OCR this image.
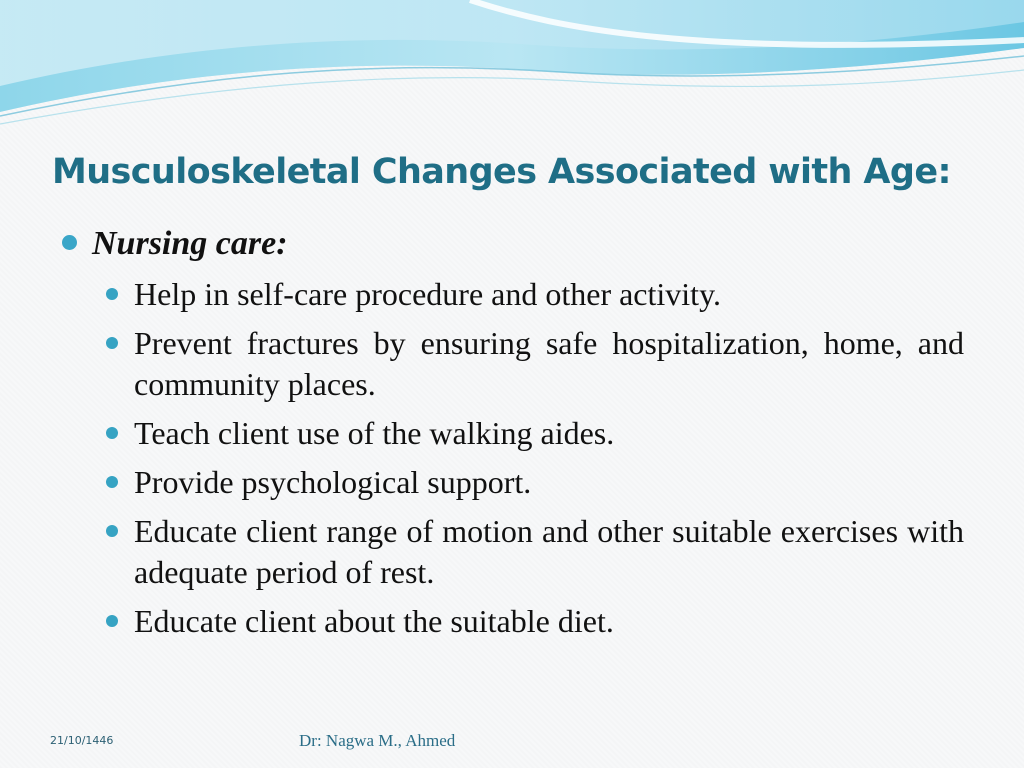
Musculoskeletal Changes Associated with Age:
Nursing care:
Help in self-care procedure and other activity.
Prevent fractures by ensuring safe hospitalization, home, and community places.
Teach client use of the walking aides.
Provide psychological support.
Educate client range of motion and other suitable exercises with adequate period of rest.
Educate client about the suitable diet.
21/10/1446	Dr: Nagwa M., Ahmed
